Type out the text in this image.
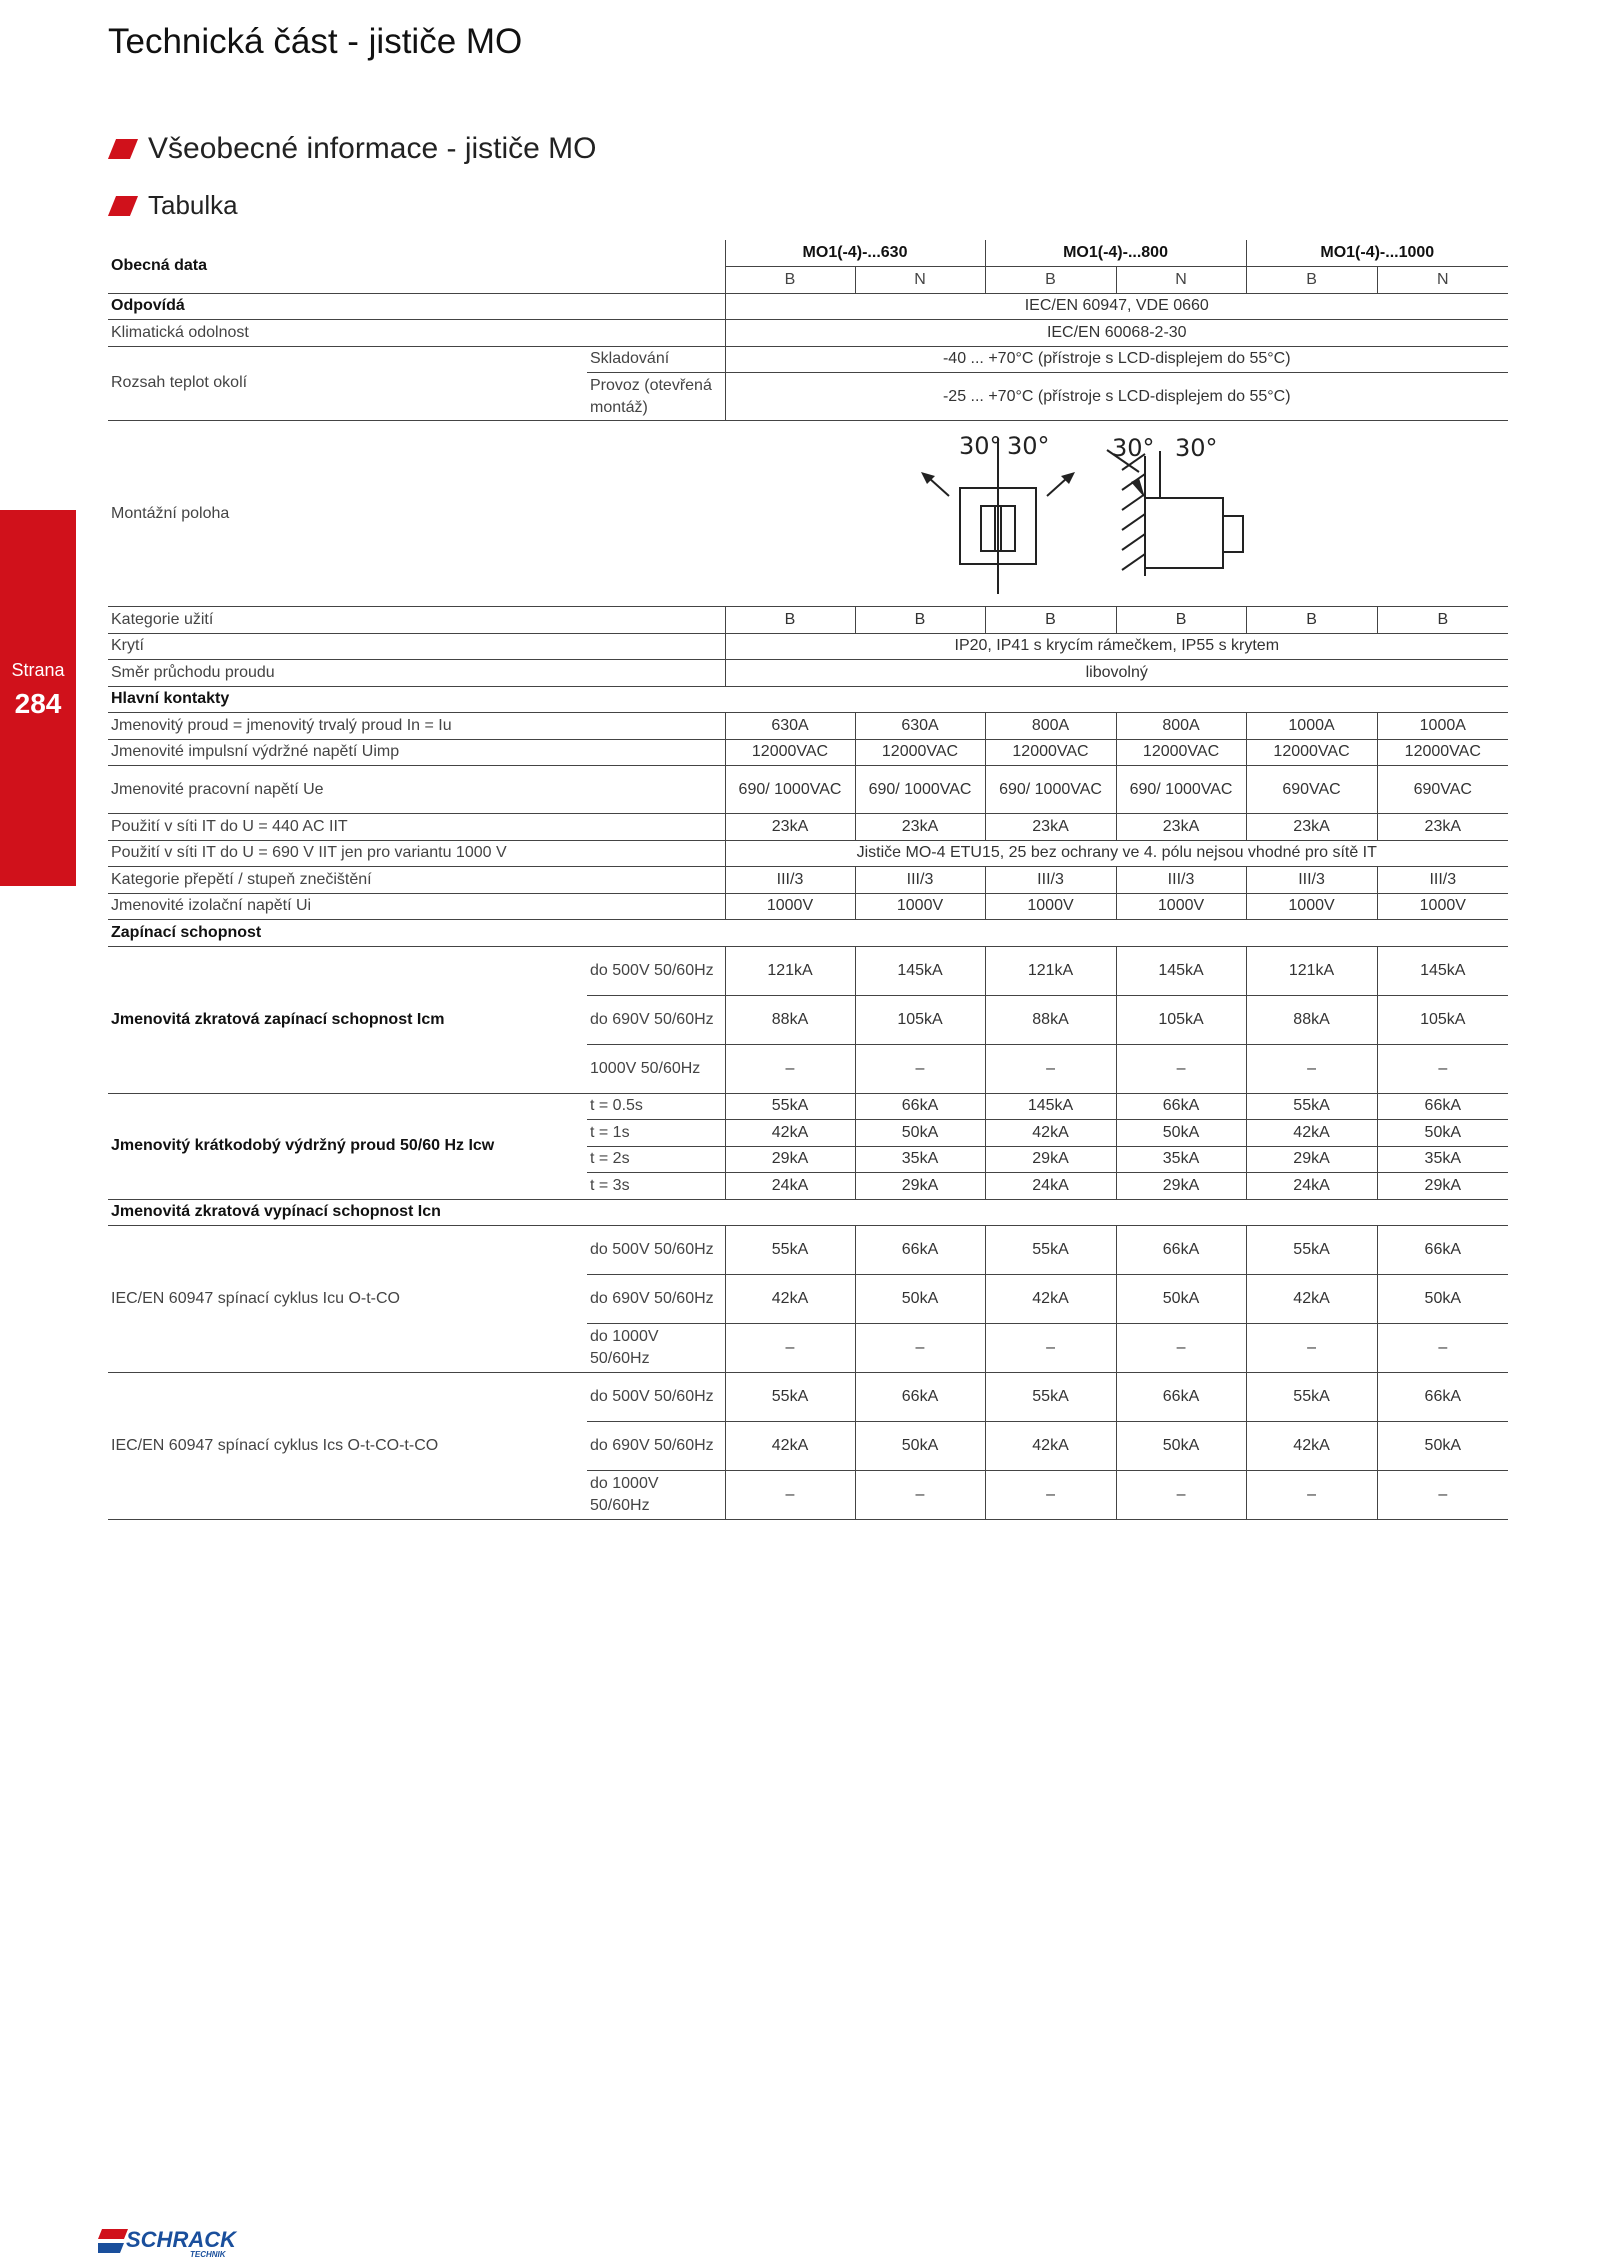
Technická část - jističe MO
Všeobecné informace - jističe MO
Tabulka
Strana
284
Obecná data		MO1(-4)-...630		MO1(-4)-...800		MO1(-4)-...1000	
		B	N	B	N	B	N
Odpovídá		IEC/EN 60947, VDE 0660					
Klimatická odolnost		IEC/EN 60068-2-30					
Rozsah teplot okolí	Skladování	-40 ... +70°C (přístroje s LCD-displejem do 55°C)					
	Provoz (otevřená montáž)	-25 ... +70°C (přístroje s LCD-displejem do 55°C)					
Montážní poloha		30° 30° 30° 30°					

Kategorie užití		B	B	B	B	B	B
Krytí		IP20, IP41 s krycím rámečkem, IP55 s krytem					
Směr průchodu proudu		libovolný					
Hlavní kontakty							
Jmenovitý proud = jmenovitý trvalý proud In = Iu		630A	630A	800A	800A	1000A	1000A
Jmenovité impulsní výdržné napětí Uimp		12000VAC	12000VAC	12000VAC	12000VAC	12000VAC	12000VAC
Jmenovité pracovní napětí Ue		690/ 1000VAC	690/ 1000VAC	690/ 1000VAC	690/ 1000VAC	690VAC	690VAC
Použití v síti IT do U = 440 AC IIT		23kA	23kA	23kA	23kA	23kA	23kA
Použití v síti IT do U = 690 V IIT jen pro variantu 1000 V		Jističe MO-4 ETU15, 25 bez ochrany ve 4. pólu nejsou vhodné pro sítě IT					
Kategorie přepětí / stupeň znečištění		III/3	III/3	III/3	III/3	III/3	III/3
Jmenovité izolační napětí Ui		1000V	1000V	1000V	1000V	1000V	1000V
Zapínací schopnost							
Jmenovitá zkratová zapínací schopnost Icm	do 500V 50/60Hz	121kA	145kA	121kA	145kA	121kA	145kA
	do 690V 50/60Hz	88kA	105kA	88kA	105kA	88kA	105kA
	1000V 50/60Hz	–	–	–	–	–	–
Jmenovitý krátkodobý výdržný proud 50/60 Hz Icw	t = 0.5s	55kA	66kA	145kA	66kA	55kA	66kA
	t = 1s	42kA	50kA	42kA	50kA	42kA	50kA
	t = 2s	29kA	35kA	29kA	35kA	29kA	35kA
	t = 3s	24kA	29kA	24kA	29kA	24kA	29kA
Jmenovitá zkratová vypínací schopnost Icn							
IEC/EN 60947 spínací cyklus Icu O-t-CO	do 500V 50/60Hz	55kA	66kA	55kA	66kA	55kA	66kA
	do 690V 50/60Hz	42kA	50kA	42kA	50kA	42kA	50kA
	do 1000V 50/60Hz	–	–	–	–	–	–
IEC/EN 60947 spínací cyklus Ics O-t-CO-t-CO	do 500V 50/60Hz	55kA	66kA	55kA	66kA	55kA	66kA
	do 690V 50/60Hz	42kA	50kA	42kA	50kA	42kA	50kA
	do 1000V 50/60Hz	–	–	–	–	–	–
SCHRACK
TECHNIK
